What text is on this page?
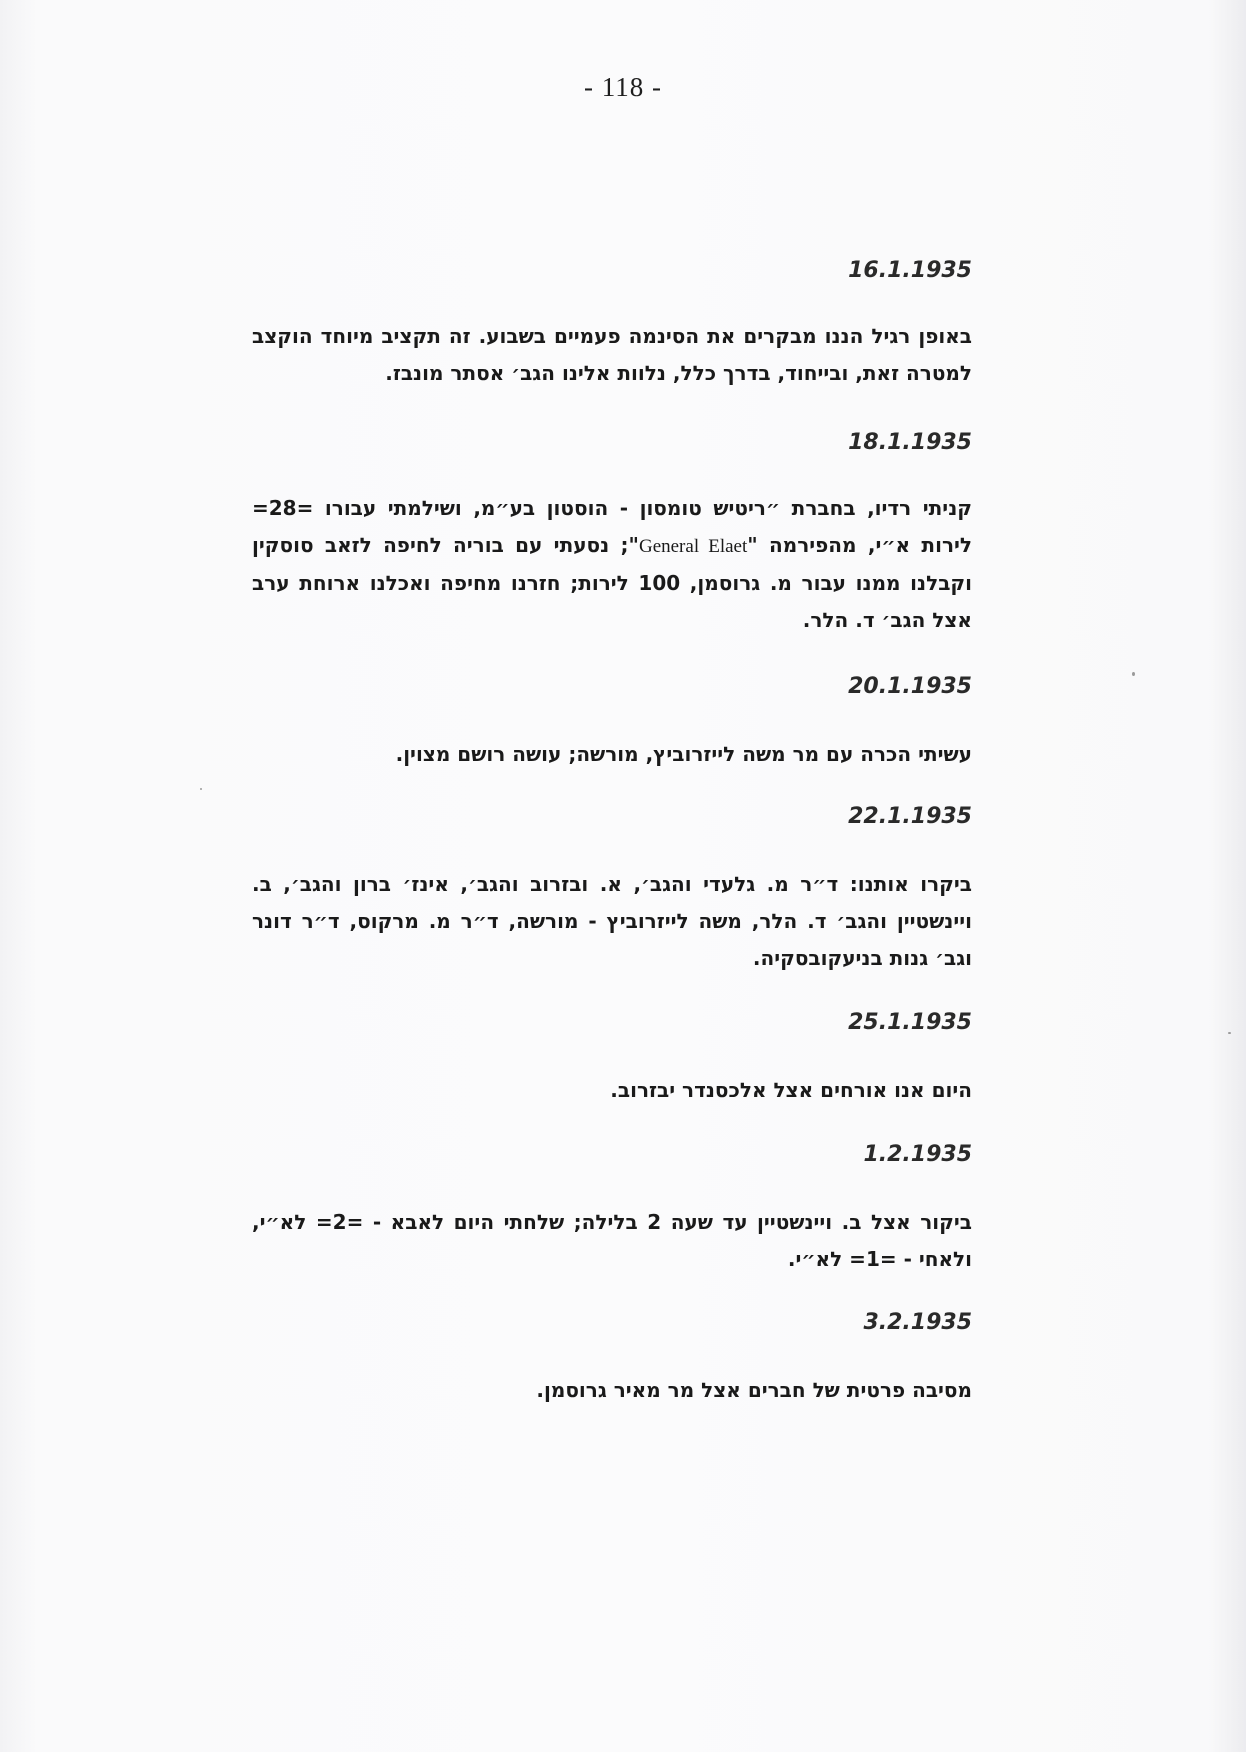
- 118 -
16.1.1935

באופן רגיל הננו מבקרים את הסינמה פעמיים בשבוע. זה תקציב מיוחד הוקצב למטרה זאת, ובייחוד, בדרך כלל, נלוות אלינו הגב׳ אסתר מונבז.

18.1.1935

קניתי רדיו, בחברת ״ריטיש טומסון - הוסטון בע״מ, ושילמתי עבורו =28= לירות א״י, מהפירמה "General Elaet"; נסעתי עם בוריה לחיפה לזאב סוסקין וקבלנו ממנו עבור מ. גרוסמן, 100 לירות; חזרנו מחיפה ואכלנו ארוחת ערב אצל הגב׳ ד. הלר.

20.1.1935

עשיתי הכרה עם מר משה לייזרוביץ, מורשה; עושה רושם מצוין.

22.1.1935

ביקרו אותנו: ד״ר מ. גלעדי והגב׳, א. ובזרוב והגב׳, אינז׳ ברון והגב׳, ב. ויינשטיין והגב׳ ד. הלר, משה לייזרוביץ - מורשה, ד״ר מ. מרקוס, ד״ר דונר וגב׳ גנות בניעקובסקיה.

25.1.1935

היום אנו אורחים אצל אלכסנדר יבזרוב.

1.2.1935

ביקור אצל ב. ויינשטיין עד שעה 2 בלילה; שלחתי היום לאבא - =2= לא״י, ולאחי - =1= לא״י.

3.2.1935

מסיבה פרטית של חברים אצל מר מאיר גרוסמן.
